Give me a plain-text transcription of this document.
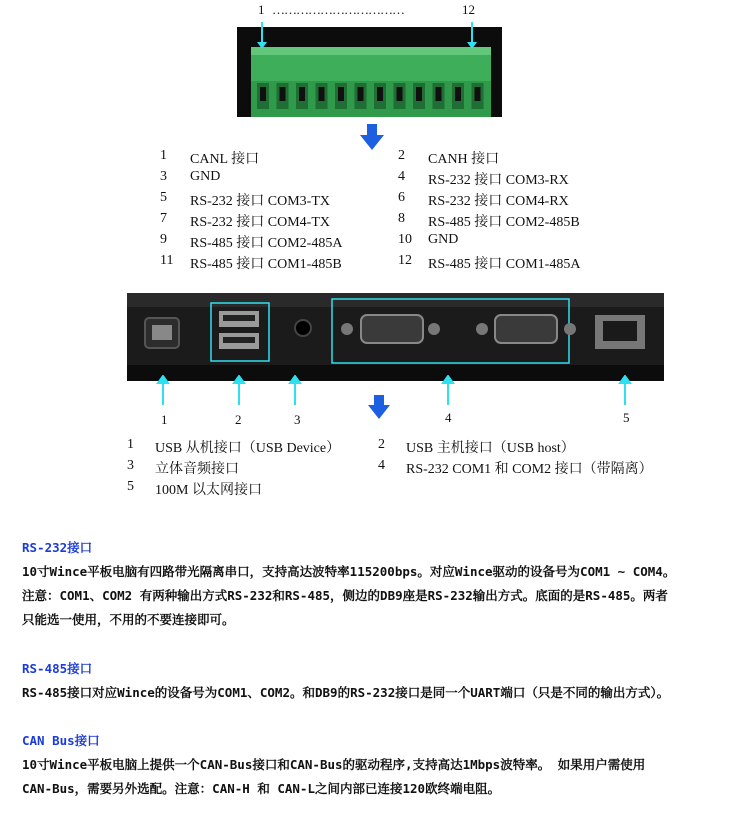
1 ……………………………	12
1 CANL 接口	2 CANH 接口
3 GND	4 RS-232 接口 COM3-RX
5 RS-232 接口 COM3-TX	6 RS-232 接口 COM4-RX
7 RS-232 接口 COM4-TX	8 RS-485 接口 COM2-485B
9 RS-485 接口 COM2-485A	10 GND
11 RS-485 接口 COM1-485B	12 RS-485 接口 COM1-485A
1	2	3	4	5
1 USB 从机接口（USB Device）	2 USB 主机接口（USB host）
3 立体音频接口	4 RS-232 COM1 和 COM2 接口（带隔离）
5 100M 以太网接口
RS-232接口
10寸Wince平板电脑有四路带光隔离串口，支持高达波特率115200bps。对应Wince驱动的设备号为COM1 ~ COM4。
注意：COM1、COM2 有两种输出方式RS-232和RS-485，侧边的DB9座是RS-232输出方式。底面的是RS-485。两者
只能选一使用，不用的不要连接即可。
RS-485接口
RS-485接口对应Wince的设备号为COM1、COM2。和DB9的RS-232接口是同一个UART端口（只是不同的输出方式）。
CAN Bus接口
10寸Wince平板电脑上提供一个CAN-Bus接口和CAN-Bus的驱动程序,支持高达1Mbps波特率。 如果用户需使用
CAN-Bus，需要另外选配。注意：CAN-H 和 CAN-L之间内部已连接120欧终端电阻。
